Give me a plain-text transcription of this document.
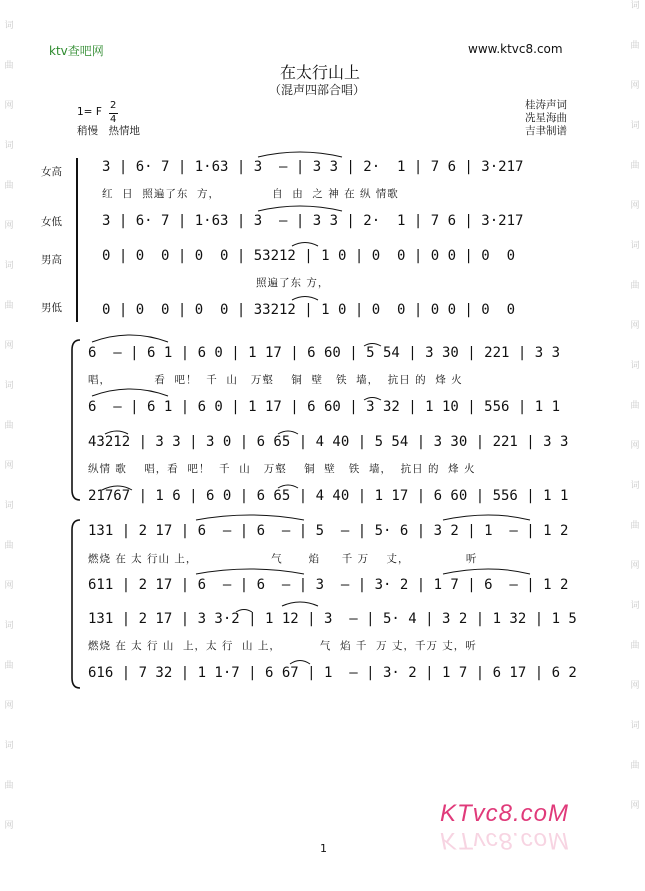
词
曲
网
词
曲
网
词
曲
网
词
曲
网
词
曲
网
词
曲
网
词
曲
网
词
曲
网
词
曲
网
词
曲
网
词
曲
网
词
曲
网
词
曲
网
词
曲
网
ktv查吧网	www.ktvc8.com
在太行山上
（混声四部合唱）
1= F
2
4
稍慢　热情地
桂涛声词
冼星海曲
吉聿制谱
女高
女低
男高
男低
3 | 6· 7 | 1·63 | 3  — | 3 3 | 2·  1 | 7 6 | 3·217
红  日  照遍了东  方，            自  由  之 神 在 纵 情歌
3 | 6· 7 | 1·63 | 3  — | 3 3 | 2·  1 | 7 6 | 3·217
0 | 0  0 | 0  0 | 53212 | 1 0 | 0  0 | 0 0 | 0  0
照遍了东 方，
0 | 0  0 | 0  0 | 33212 | 1 0 | 0  0 | 0 0 | 0  0
6  — | 6 1 | 6 0 | 1 17 | 6 60 | 5 54 | 3 30 | 221 | 3 3
唱，          看  吧！  千  山   万壑    铜  壁   铁  墙，  抗日 的  烽 火
6  — | 6 1 | 6 0 | 1 17 | 6 60 | 3 32 | 1 10 | 556 | 1 1
43212 | 3 3 | 3 0 | 6 65 | 4 40 | 5 54 | 3 30 | 221 | 3 3
纵情 歌    唱，看  吧！  千  山   万壑    铜  壁   铁  墙，  抗日 的  烽 火
21767 | 1 6 | 6 0 | 6 65 | 4 40 | 1 17 | 6 60 | 556 | 1 1
131 | 2 17 | 6  — | 6  — | 5  — | 5· 6 | 3 2 | 1  — | 1 2
燃烧 在 太 行山 上，                 气      焰     千 万    丈，             听
611 | 2 17 | 6  — | 6  — | 3  — | 3· 2 | 1 7 | 6  — | 1 2
131 | 2 17 | 3 3·2 | 1 12 | 3  — | 5· 4 | 3 2 | 1 32 | 1 5
燃烧 在 太 行 山  上，太 行  山 上，         气  焰 千  万 丈，千万 丈，听
616 | 7 32 | 1 1·7 | 6 67 | 1  — | 3· 2 | 1 7 | 6 17 | 6 2
KTvc8.coM
KTvc8.coM
1
